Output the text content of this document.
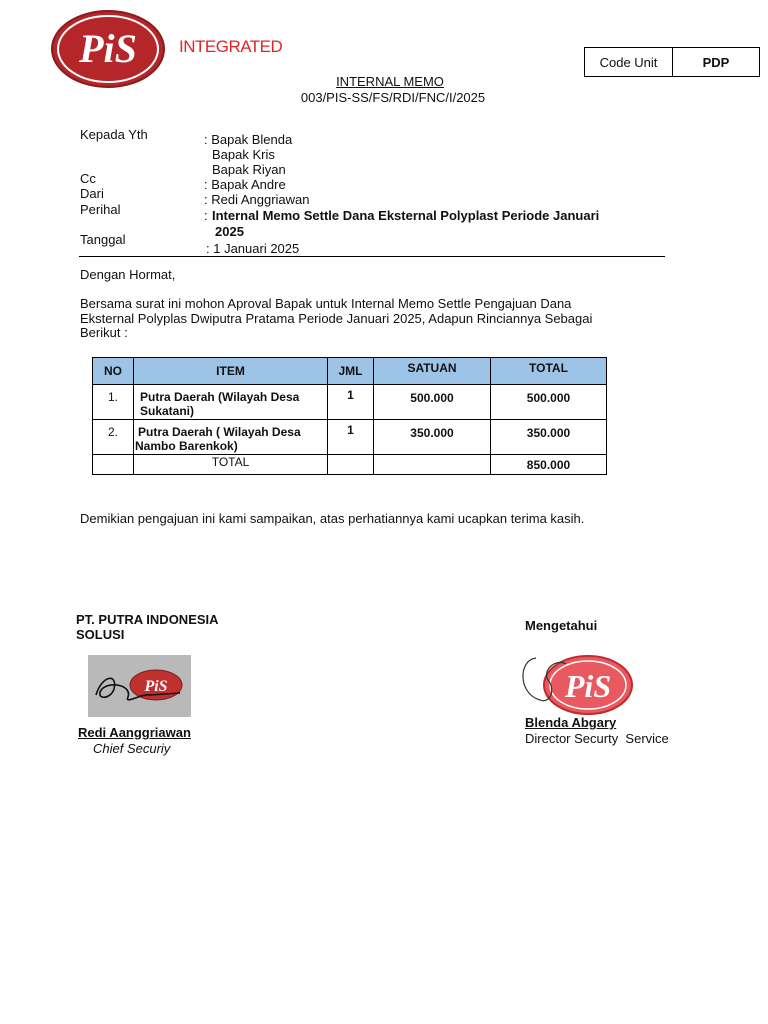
PiS INTEGRATED
Code Unit	PDP
INTERNAL MEMO
003/PIS-SS/FS/RDI/FNC/I/2025
Kepada Yth	: Bapak Blenda
Bapak Kris
Bapak Riyan
Cc	: Bapak Andre
Dari	: Redi Anggriawan
Perihal	: Internal Memo Settle Dana Eksternal Polyplast Periode Januari
2025
Tanggal
: 1 Januari 2025
Dengan Hormat,
Bersama surat ini mohon Aproval Bapak untuk Internal Memo Settle Pengajuan Dana
Eksternal Polyplas Dwiputra Pratama Periode Januari 2025, Adapun Rinciannya Sebagai
Berikut :
NO	ITEM	JML	SATUAN	TOTAL
1.	Putra Daerah (Wilayah Desa
Sukatani)	1	500.000	500.000
2.	Putra Daerah ( Wilayah Desa
Nambo Barenkok)	1	350.000	350.000
	TOTAL			850.000
Demikian pengajuan ini kami sampaikan, atas perhatiannya kami ucapkan terima kasih.
PT. PUTRA INDONESIA
SOLUSI
PiS
Redi Aanggriawan
Chief Securiy
Mengetahui
PiS
Blenda Abgary
Director Securty  Service
